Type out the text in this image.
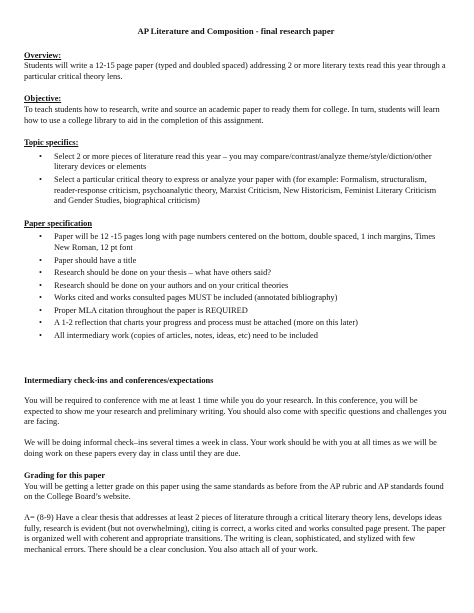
AP Literature and Composition - final research paper
Overview:

Students will write a 12-15 page paper (typed and doubled spaced) addressing 2 or more literary texts read this year through a particular critical theory lens.

Objective:

To teach students how to research, write and source an academic paper to ready them for college. In turn, students will learn how to use a college library to aid in the completion of this assignment.

Topic specifics:
• Select 2 or more pieces of literature read this year – you may compare/contrast/analyze theme/style/diction/other literary devices or elements
• Select a particular critical theory to express or analyze your paper with (for example: Formalism, structuralism, reader-response criticism, psychoanalytic theory, Marxist Criticism, New Historicism, Feminist Literary Criticism and Gender Studies, biographical criticism)
Paper specification
• Paper will be 12 -15 pages long with page numbers centered on the bottom, double spaced, 1 inch margins, Times New Roman, 12 pt font
• Paper should have a title
• Research should be done on your thesis – what have others said?
• Research should be done on your authors and on your critical theories
• Works cited and works consulted pages MUST be included (annotated bibliography)
• Proper MLA citation throughout the paper is REQUIRED
• A 1-2 reflection that charts your progress and process must be attached (more on this later)
• All intermediary work (copies of articles, notes, ideas, etc) need to be included
Intermediary check-ins and conferences/expectations

You will be required to conference with me at least 1 time while you do your research. In this conference, you will be expected to show me your research and preliminary writing. You should also come with specific questions and challenges you are facing.

We will be doing informal check–ins several times a week in class. Your work should be with you at all times as we will be doing work on these papers every day in class until they are due.

Grading for this paper

You will be getting a letter grade on this paper using the same standards as before from the AP rubric and AP standards found on the College Board’s website.

A= (8-9) Have a clear thesis that addresses at least 2 pieces of literature through a critical literary theory lens, develops ideas fully, research is evident (but not overwhelming), citing is correct, a works cited and works consulted page present. The paper is organized well with coherent and appropriate transitions. The writing is clean, sophisticated, and stylized with few mechanical errors. There should be a clear conclusion. You also attach all of your work.
